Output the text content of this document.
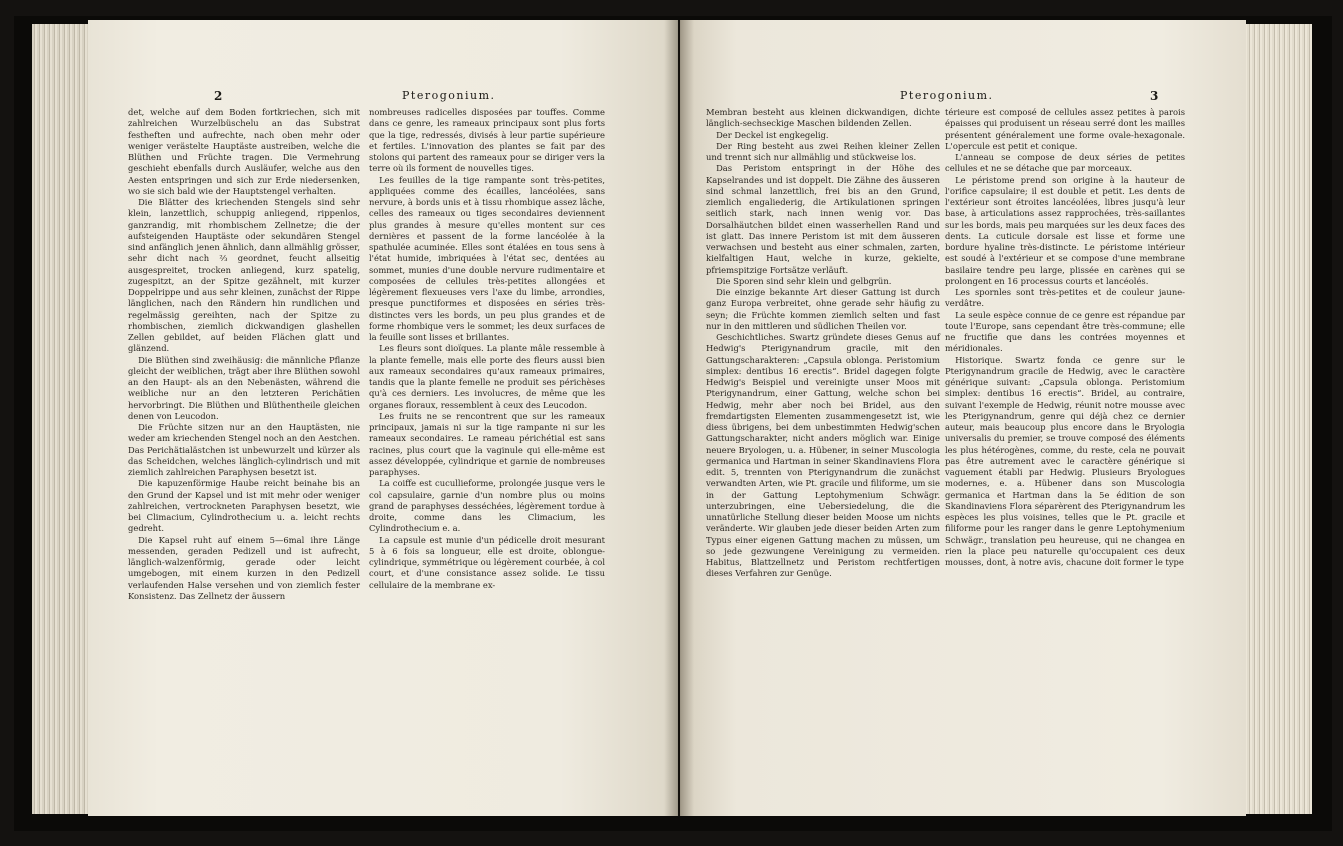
2	Pterogonium.	Pterogonium.	3

det, welche auf dem Boden fortkriechen, sich mit zahlreichen Wurzelbüschelu an das Substrat festheften und aufrechte, nach oben mehr oder weniger verästelte Hauptäste austreiben, welche die Blüthen und Früchte tragen. Die Vermehrung geschieht ebenfalls durch Ausläufer, welche aus den Aesten entspringen und sich zur Erde niedersenken, wo sie sich bald wie der Hauptstengel verhalten.

Die Blätter des kriechenden Stengels sind sehr klein, lanzettlich, schuppig anliegend, rippenlos, ganzrandig, mit rhombischem Zellnetze; die der aufsteigenden Hauptäste oder sekundären Stengel sind anfänglich jenen ähnlich, dann allmählig grösser, sehr dicht nach ⅔ geordnet, feucht allseitig ausgespreitet, trocken anliegend, kurz spatelig, zugespitzt, an der Spitze gezähnelt, mit kurzer Doppelrippe und aus sehr kleinen, zunächst der Rippe länglichen, nach den Rändern hin rundlichen und regelmässig gereihten, nach der Spitze zu rhombischen, ziemlich dickwandigen glashellen Zellen gebildet, auf beiden Flächen glatt und glänzend.

Die Blüthen sind zweihäusig: die männliche Pflanze gleicht der weiblichen, trägt aber ihre Blüthen sowohl an den Haupt- als an den Nebenästen, während die weibliche nur an den letzteren Perichätien hervorbringt. Die Blüthen und Blüthentheile gleichen denen von Leucodon.

Die Früchte sitzen nur an den Hauptästen, nie weder am kriechenden Stengel noch an den Aestchen. Das Perichätialästchen ist unbewurzelt und kürzer als das Scheidchen, welches länglich-cylindrisch und mit ziemlich zahlreichen Paraphysen besetzt ist.

Die kapuzenförmige Haube reicht beinahe bis an den Grund der Kapsel und ist mit mehr oder weniger zahlreichen, vertrockneten Paraphysen besetzt, wie bei Climacium, Cylindrothecium u. a. leicht rechts gedreht.

Die Kapsel ruht auf einem 5—6mal ihre Länge messenden, geraden Pedizell und ist aufrecht, länglich-walzenförmig, gerade oder leicht umgebogen, mit einem kurzen in den Pedizell verlaufenden Halse versehen und von ziemlich fester Konsistenz. Das Zellnetz der äussern

nombreuses radicelles disposées par touffes. Comme dans ce genre, les rameaux principaux sont plus forts que la tige, redressés, divisés à leur partie supérieure et fertiles. L'innovation des plantes se fait par des stolons qui partent des rameaux pour se diriger vers la terre où ils forment de nouvelles tiges.

Les feuilles de la tige rampante sont très-petites, appliquées comme des écailles, lancéolées, sans nervure, à bords unis et à tissu rhombique assez lâche, celles des rameaux ou tiges secondaires deviennent plus grandes à mesure qu'elles montent sur ces dernières et passent de la forme lancéolée à la spathulée acuminée. Elles sont étalées en tous sens à l'état humide, imbriquées à l'état sec, dentées au sommet, munies d'une double nervure rudimentaire et composées de cellules très-petites allongées et légèrement flexueuses vers l'axe du limbe, arrondies, presque punctiformes et disposées en séries très-distinctes vers les bords, un peu plus grandes et de forme rhombique vers le sommet; les deux surfaces de la feuille sont lisses et brillantes.

Les fleurs sont dioïques. La plante mâle ressemble à la plante femelle, mais elle porte des fleurs aussi bien aux rameaux secondaires qu'aux rameaux primaires, tandis que la plante femelle ne produit ses périchèses qu'à ces derniers. Les involucres, de même que les organes floraux, ressemblent à ceux des Leucodon.

Les fruits ne se rencontrent que sur les rameaux principaux, jamais ni sur la tige rampante ni sur les rameaux secondaires. Le rameau périchétial est sans racines, plus court que la vaginule qui elle-même est assez développée, cylindrique et garnie de nombreuses paraphyses.

La coiffe est cucullieforme, prolongée jusque vers le col capsulaire, garnie d'un nombre plus ou moins grand de paraphyses desséchées, légèrement tordue à droite, comme dans les Climacium, les Cylindrothecium e. a.

La capsule est munie d'un pédicelle droit mesurant 5 à 6 fois sa longueur, elle est droite, oblongue-cylindrique, symmétrique ou légèrement courbée, à col court, et d'une consistance assez solide. Le tissu cellulaire de la membrane ex-

Membran besteht aus kleinen dickwandigen, dichte länglich-sechseckige Maschen bildenden Zellen.

Der Deckel ist engkegelig.

Der Ring besteht aus zwei Reihen kleiner Zellen und trennt sich nur allmählig und stückweise los.

Das Peristom entspringt in der Höhe des Kapselrandes und ist doppelt. Die Zähne des äusseren sind schmal lanzettlich, frei bis an den Grund, ziemlich engaliederig, die Artikulationen springen seitlich stark, nach innen wenig vor. Das Dorsalhäutchen bildet einen wasserhellen Rand und ist glatt. Das innere Peristom ist mit dem äusseren verwachsen und besteht aus einer schmalen, zarten, kielfaltigen Haut, welche in kurze, gekielte, pfriemspitzige Fortsätze verläuft.

Die Sporen sind sehr klein und gelbgrün.

Die einzige bekannte Art dieser Gattung ist durch ganz Europa verbreitet, ohne gerade sehr häufig zu seyn; die Früchte kommen ziemlich selten und fast nur in den mittleren und südlichen Theilen vor.

Geschichtliches. Swartz gründete dieses Genus auf Hedwig's Pterigynandrum gracile, mit den Gattungscharakteren: „Capsula oblonga. Peristomium simplex: dentibus 16 erectis“. Bridel dagegen folgte Hedwig's Beispiel und vereinigte unser Moos mit Pterigynandrum, einer Gattung, welche schon bei Hedwig, mehr aber noch bei Bridel, aus den fremdartigsten Elementen zusammengesetzt ist, wie diess übrigens, bei dem unbestimmten Hedwig'schen Gattungscharakter, nicht anders möglich war. Einige neuere Bryologen, u. a. Hübener, in seiner Muscologia germanica und Hartman in seiner Skandinaviens Flora edit. 5, trennten von Pterigynandrum die zunächst verwandten Arten, wie Pt. gracile und filiforme, um sie in der Gattung Leptohymenium Schwägr. unterzubringen, eine Uebersiedelung, die die unnatürliche Stellung dieser beiden Moose um nichts veränderte. Wir glauben jede dieser beiden Arten zum Typus einer eigenen Gattung machen zu müssen, um so jede gezwungene Vereinigung zu vermeiden. Habitus, Blattzellnetz und Peristom rechtfertigen dieses Verfahren zur Genüge.

térieure est composé de cellules assez petites à parois épaisses qui produisent un réseau serré dont les mailles présentent généralement une forme ovale-hexagonale. L'opercule est petit et conique.

L'anneau se compose de deux séries de petites cellules et ne se détache que par morceaux.

Le péristome prend son origine à la hauteur de l'orifice capsulaire; il est double et petit. Les dents de l'extérieur sont étroites lancéolées, libres jusqu'à leur base, à articulations assez rapprochées, très-saillantes sur les bords, mais peu marquées sur les deux faces des dents. La cuticule dorsale est lisse et forme une bordure hyaline très-distincte. Le péristome intérieur est soudé à l'extérieur et se compose d'une membrane basilaire tendre peu large, plissée en carènes qui se prolongent en 16 processus courts et lancéolés.

Les spornles sont très-petites et de couleur jaune-verdâtre.

La seule espèce connue de ce genre est répandue par toute l'Europe, sans cependant être très-commune; elle ne fructifie que dans les contrées moyennes et méridionales.

Historique. Swartz fonda ce genre sur le Pterigynandrum gracile de Hedwig, avec le caractère générique suivant: „Capsula oblonga. Peristomium simplex: dentibus 16 erectis“. Bridel, au contraire, suivant l'exemple de Hedwig, réunit notre mousse avec les Pterigynandrum, genre qui déjà chez ce dernier auteur, mais beaucoup plus encore dans le Bryologia universalis du premier, se trouve composé des éléments les plus hétérogènes, comme, du reste, cela ne pouvait pas être autrement avec le caractère générique si vaguement établi par Hedwig. Plusieurs Bryologues modernes, e. a. Hübener dans son Muscologia germanica et Hartman dans la 5e édition de son Skandinaviens Flora séparèrent des Pterigynandrum les espèces les plus voisines, telles que le Pt. gracile et filiforme pour les ranger dans le genre Leptohymenium Schwägr., translation peu heureuse, qui ne changea en rien la place peu naturelle qu'occupaient ces deux mousses, dont, à notre avis, chacune doit former le type
